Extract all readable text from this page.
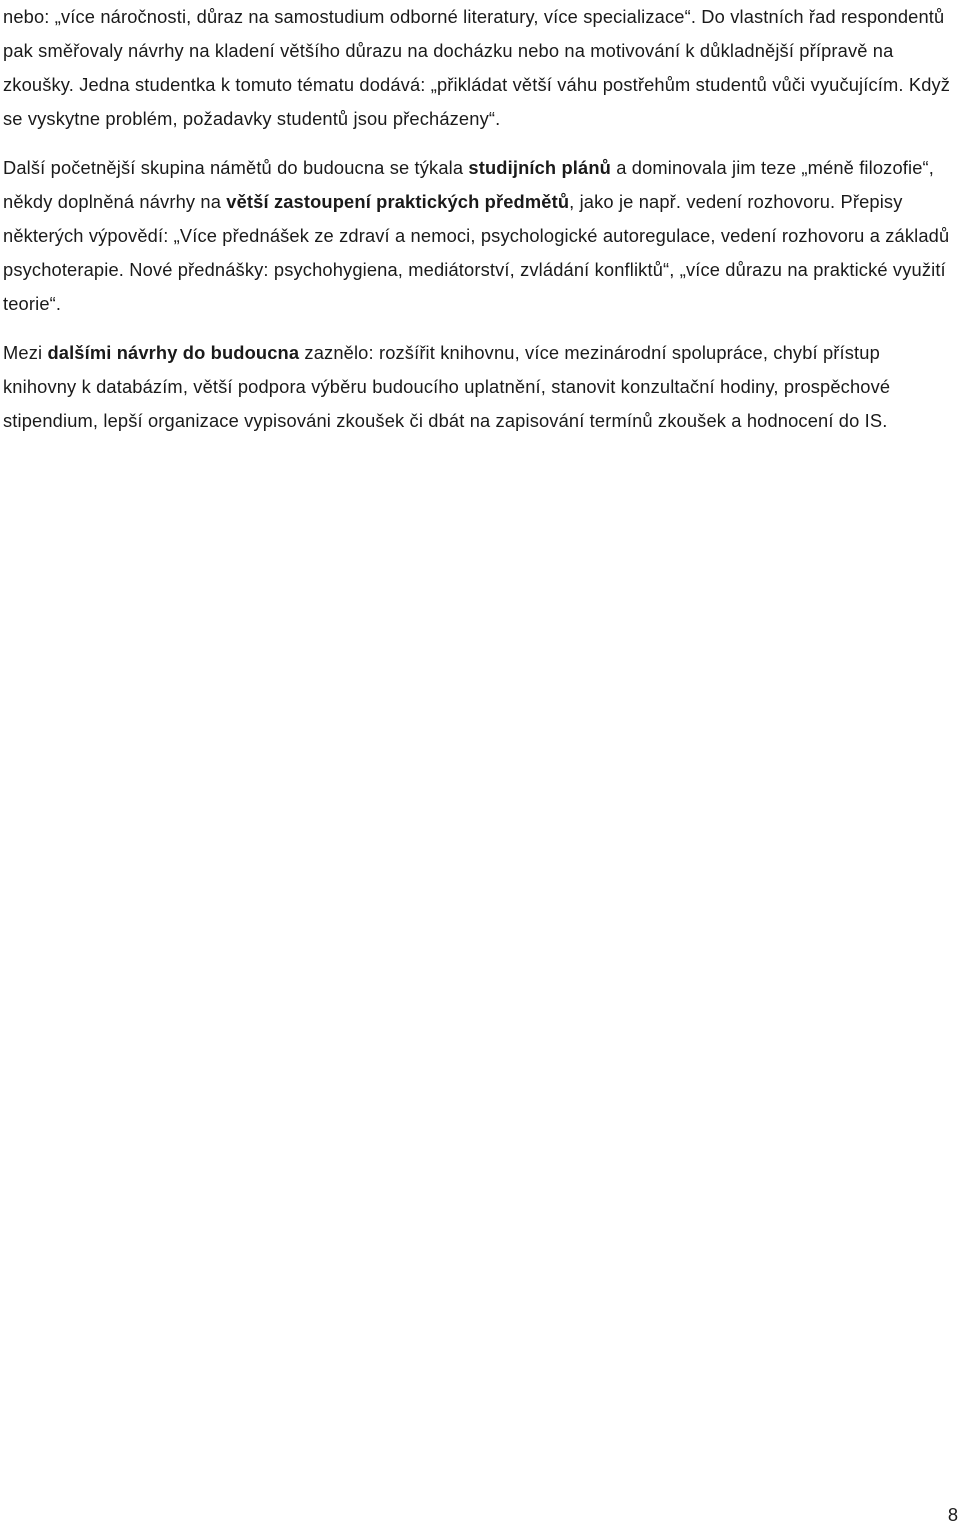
nebo: „více náročnosti, důraz na samostudium odborné literatury, více specializace“. Do vlastních řad respondentů pak směřovaly návrhy na kladení většího důrazu na docházku nebo na motivování k důkladnější přípravě na zkoušky. Jedna studentka k tomuto tématu dodává: „přikládat větší váhu postřehům studentů vůči vyučujícím. Když se vyskytne problém, požadavky studentů jsou přecházeny“.

Další početnější skupina námětů do budoucna se týkala studijních plánů a dominovala jim teze „méně filozofie“, někdy doplněná návrhy na větší zastoupení praktických předmětů, jako je např. vedení rozhovoru. Přepisy některých výpovědí: „Více přednášek ze zdraví a nemoci, psychologické autoregulace, vedení rozhovoru a základů psychoterapie. Nové přednášky: psychohygiena, mediátorství, zvládání konfliktů“, „více důrazu na praktické využití teorie“.

Mezi dalšími návrhy do budoucna zaznělo: rozšířit knihovnu, více mezinárodní spolupráce, chybí přístup knihovny k databázím, větší podpora výběru budoucího uplatnění, stanovit konzultační hodiny, prospěchové stipendium, lepší organizace vypisováni zkoušek či dbát na zapisování termínů zkoušek a hodnocení do IS.

8
